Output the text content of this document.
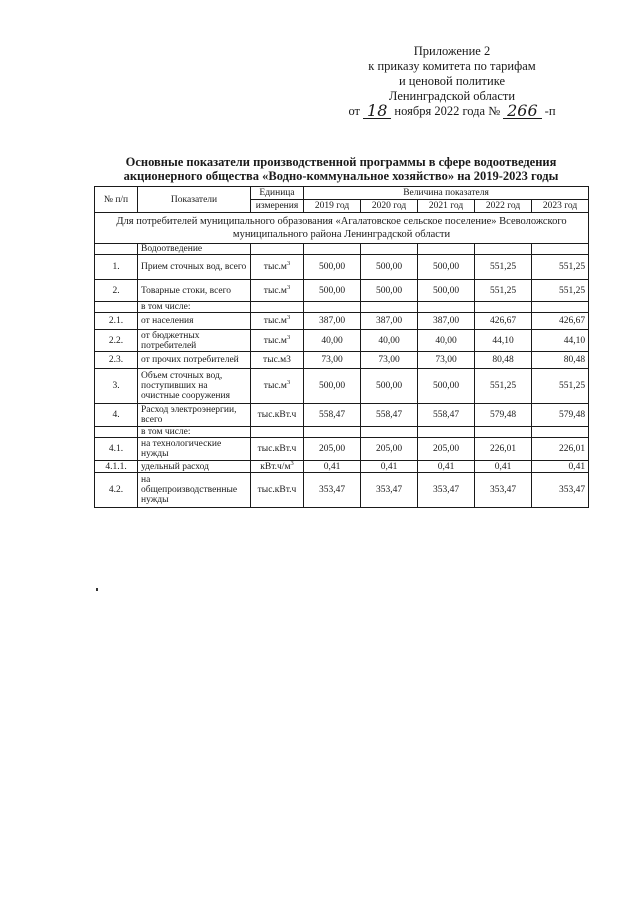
Приложение 2
к приказу комитета по тарифам
и ценовой политике
Ленинградской области
от 18 ноября 2022 года № 266 -п
Основные показатели производственной программы в сфере водоотведения
акционерного общества «Водно-коммунальное хозяйство» на 2019-2023 годы
№ п/п	Показатели	Единица	Величина показателя				
		измерения	2019 год	2020 год	2021 год	2022 год	2023 год
Для потребителей муниципального образования «Агалатовское сельское поселение» Всеволожского муниципального района Ленинградской области							
	Водоотведение						
1.	Прием сточных вод, всего	$тыс.м^3$	500,00	500,00	500,00	551,25	551,25
2.	Товарные стоки, всего	$тыс.м^3$	500,00	500,00	500,00	551,25	551,25
	в том числе:						
2.1.	от населения	$тыс.м^3$	387,00	387,00	387,00	426,67	426,67
2.2.	от бюджетных потребителей	$тыс.м^3$	40,00	40,00	40,00	44,10	44,10
2.3.	от прочих потребителей	тыс.м3	73,00	73,00	73,00	80,48	80,48
3.	Объем сточных вод, поступивших на очистные сооружения	$тыс.м^3$	500,00	500,00	500,00	551,25	551,25
4.	Расход электроэнергии, всего	тыс.кВт.ч	558,47	558,47	558,47	579,48	579,48
	в том числе:						
4.1.	на технологические нужды	тыс.кВт.ч	205,00	205,00	205,00	226,01	226,01
4.1.1.	удельный расход	$кВт.ч/м^3$	0,41	0,41	0,41	0,41	0,41
4.2.	на общепроизводственные нужды	тыс.кВт.ч	353,47	353,47	353,47	353,47	353,47
